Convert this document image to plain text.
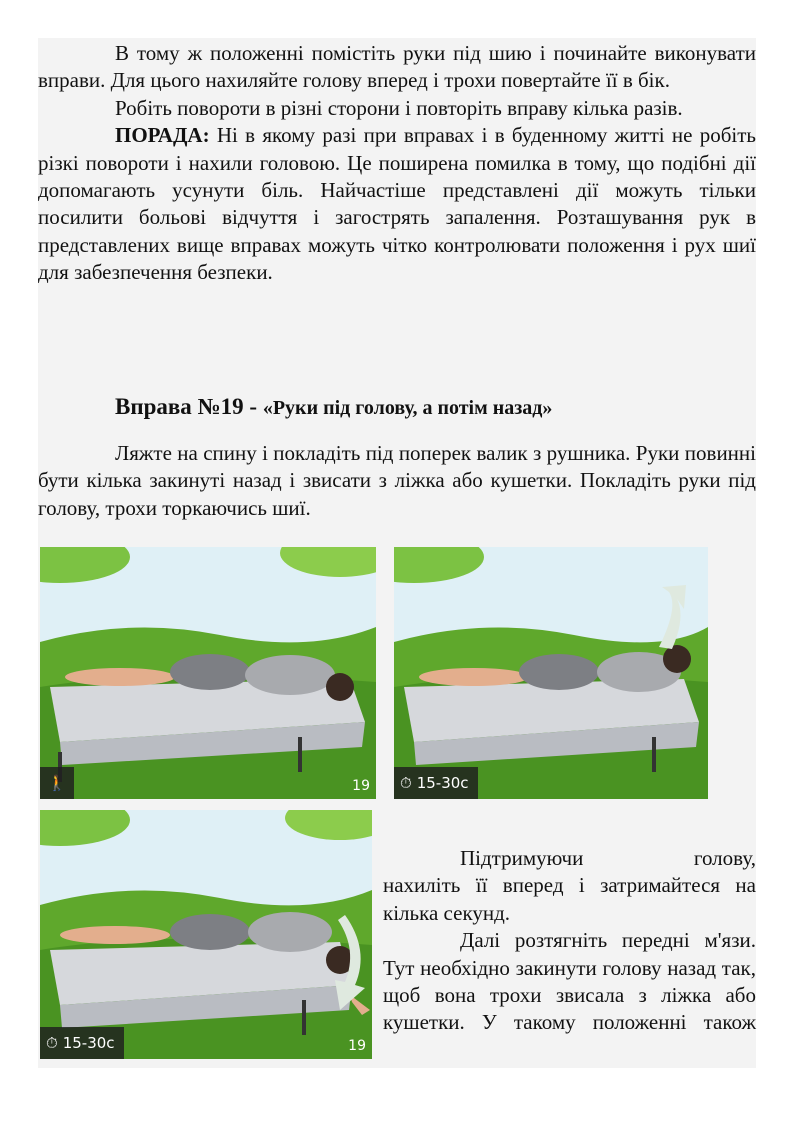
В тому ж положенні помістіть руки під шию і починайте виконувати вправи. Для цього нахиляйте голову вперед і трохи повертайте її в бік.

Робіть повороти в різні сторони і повторіть вправу кілька разів.

ПОРАДА: Ні в якому разі при вправах і в буденному житті не робіть різкі повороти і нахили головою. Це поширена помилка в тому, що подібні дії допомагають усунути біль. Найчастіше представлені дії можуть тільки посилити больові відчуття і загострять запалення. Розташування рук в представлених вище вправах можуть чітко контролювати положення і рух шиї для забезпечення безпеки.

Вправа №19 - «Руки під голову, а потім назад»

Ляжте на спину і покладіть під поперек валик з рушника. Руки повинні бути кілька закинуті назад і звисати з ліжка або кушетки. Покладіть руки під голову, трохи торкаючись шиї.

🚶	19 ⏱ 15-30с
⏱ 15-30с	19

Підтримуючи голову,

нахиліть її вперед і затримайтеся на кілька секунд.

Далі розтягніть передні м'язи. Тут необхідно закинути голову назад так, щоб вона трохи звисала з ліжка або кушетки. У такому положенні також
